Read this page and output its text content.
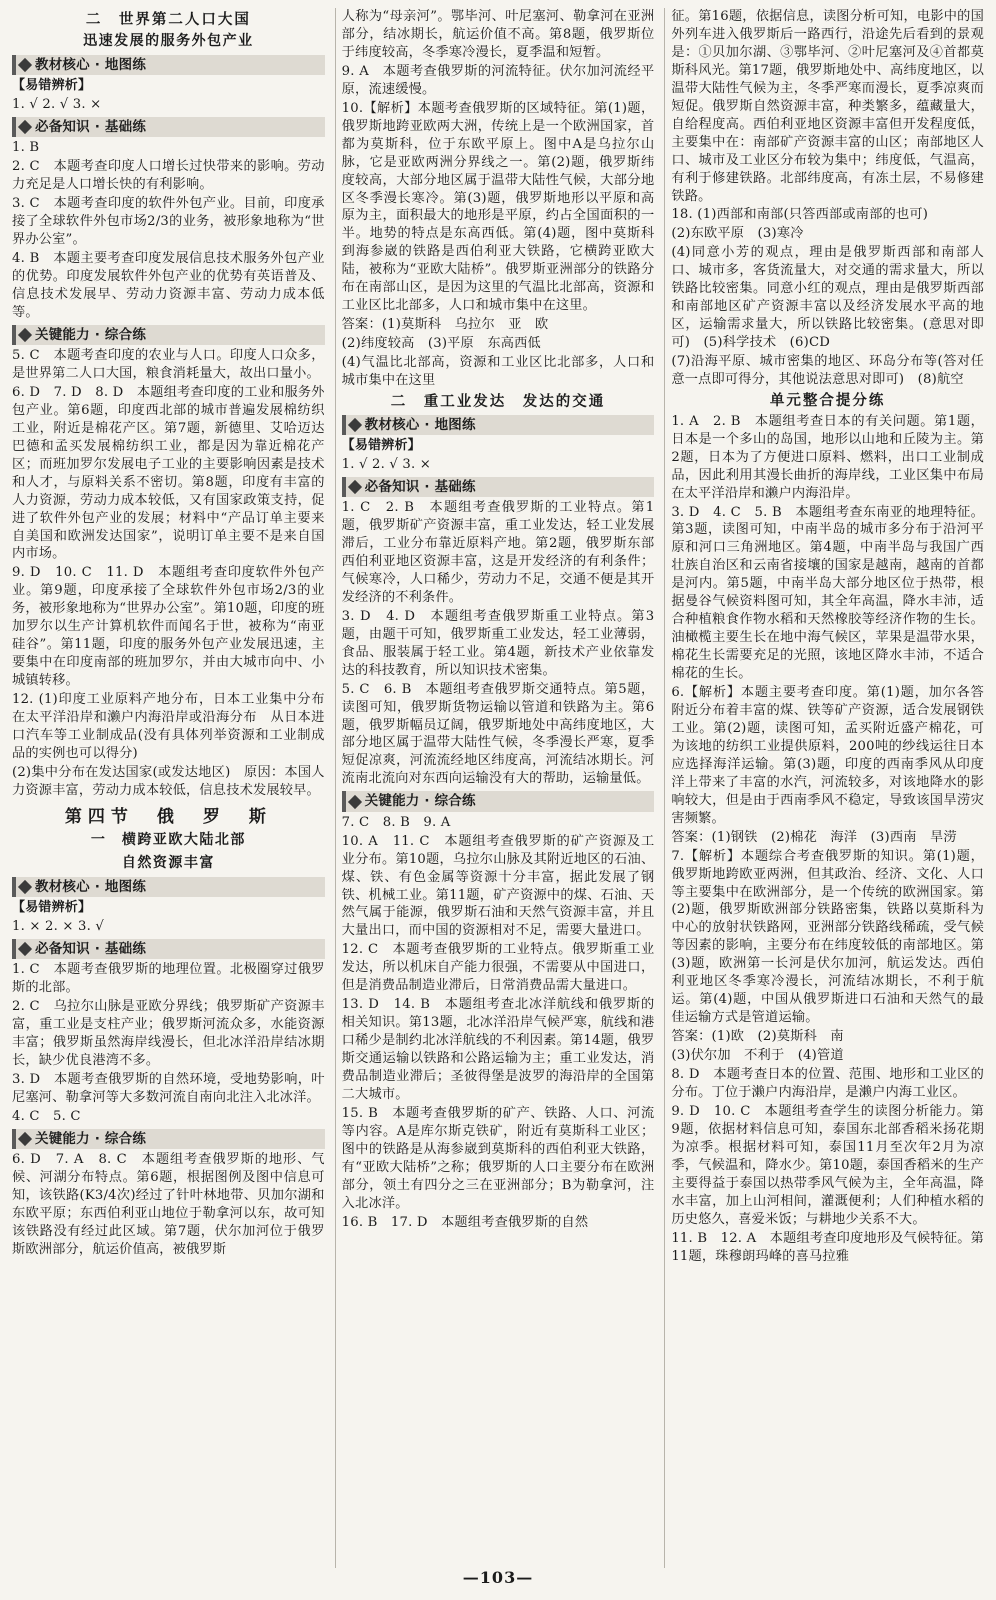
二　世界第二人口大国
迅速发展的服务外包产业
教材核心 · 地图练
【易错辨析】
1. √ 2. √ 3. ×
必备知识 · 基础练
1. B
2. C　本题考查印度人口增长过快带来的影响。劳动力充足是人口增长快的有利影响。
3. C　本题考查印度的软件外包产业。目前，印度承接了全球软件外包市场2/3的业务，被形象地称为“世界办公室”。
4. B　本题主要考查印度发展信息技术服务外包产业的优势。印度发展软件外包产业的优势有英语普及、信息技术发展早、劳动力资源丰富、劳动力成本低等。
关键能力 · 综合练
5. C　本题考查印度的农业与人口。印度人口众多，是世界第二人口大国，粮食消耗量大，故出口量小。
6. D　7. D　8. D　本题组考查印度的工业和服务外包产业。第6题，印度西北部的城市普遍发展棉纺织工业，附近是棉花产区。第7题，新德里、艾哈迈达巴德和孟买发展棉纺织工业，都是因为靠近棉花产区；而班加罗尔发展电子工业的主要影响因素是技术和人才，与原料关系不密切。第8题，印度有丰富的人力资源，劳动力成本较低，又有国家政策支持，促进了软件外包产业的发展；材料中“产品订单主要来自美国和欧洲发达国家”，说明订单主要不是来自国内市场。
9. D　10. C　11. D　本题组考查印度软件外包产业。第9题，印度承接了全球软件外包市场2/3的业务，被形象地称为“世界办公室”。第10题，印度的班加罗尔以生产计算机软件而闻名于世，被称为“南亚硅谷”。第11题，印度的服务外包产业发展迅速，主要集中在印度南部的班加罗尔，并由大城市向中、小城镇转移。
12. (1)印度工业原料产地分布，日本工业集中分布在太平洋沿岸和濑户内海沿岸或沿海分布　从日本进口汽车等工业制成品(没有具体列举资源和工业制成品的实例也可以得分)
(2)集中分布在发达国家(或发达地区)　原因：本国人力资源丰富，劳动力成本较低，信息技术发展较早。
第四节　俄　罗　斯
一　横跨亚欧大陆北部
自然资源丰富
教材核心 · 地图练
【易错辨析】
1. × 2. × 3. √
必备知识 · 基础练
1. C　本题考查俄罗斯的地理位置。北极圈穿过俄罗斯的北部。
2. C　乌拉尔山脉是亚欧分界线；俄罗斯矿产资源丰富，重工业是支柱产业；俄罗斯河流众多，水能资源丰富；俄罗斯虽然海岸线漫长，但北冰洋沿岸结冰期长，缺少优良港湾不多。
3. D　本题考查俄罗斯的自然环境，受地势影响，叶尼塞河、勒拿河等大多数河流自南向北注入北冰洋。
4. C　5. C
关键能力 · 综合练
6. D　7. A　8. C　本题组考查俄罗斯的地形、气候、河湖分布特点。第6题，根据图例及图中信息可知，该铁路(K3/4次)经过了针叶林地带、贝加尔湖和东欧平原；东西伯利亚山地位于勒拿河以东，故可知该铁路没有经过此区域。第7题，伏尔加河位于俄罗斯欧洲部分，航运价值高，被俄罗斯
人称为“母亲河”。鄂毕河、叶尼塞河、勒拿河在亚洲部分，结冰期长，航运价值不高。第8题，俄罗斯位于纬度较高，冬季寒冷漫长，夏季温和短暂。
9. A　本题考查俄罗斯的河流特征。伏尔加河流经平原，流速缓慢。
10.【解析】本题考查俄罗斯的区域特征。第(1)题，俄罗斯地跨亚欧两大洲，传统上是一个欧洲国家，首都为莫斯科，位于东欧平原上。图中A是乌拉尔山脉，它是亚欧两洲分界线之一。第(2)题，俄罗斯纬度较高，大部分地区属于温带大陆性气候，大部分地区冬季漫长寒冷。第(3)题，俄罗斯地形以平原和高原为主，面积最大的地形是平原，约占全国面积的一半。地势的特点是东高西低。第(4)题，图中莫斯科到海参崴的铁路是西伯利亚大铁路，它横跨亚欧大陆，被称为“亚欧大陆桥”。俄罗斯亚洲部分的铁路分布在南部山区，是因为这里的气温比北部高，资源和工业区比北部多，人口和城市集中在这里。
答案：(1)莫斯科　乌拉尔　亚　欧
(2)纬度较高　(3)平原　东高西低
(4)气温比北部高，资源和工业区比北部多，人口和城市集中在这里
二　重工业发达　发达的交通
教材核心 · 地图练
【易错辨析】
1. √ 2. √ 3. ×
必备知识 · 基础练
1. C　2. B　本题组考查俄罗斯的工业特点。第1题，俄罗斯矿产资源丰富，重工业发达，轻工业发展滞后，工业分布靠近原料产地。第2题，俄罗斯东部西伯利亚地区资源丰富，这是开发经济的有利条件；气候寒冷，人口稀少，劳动力不足，交通不便是其开发经济的不利条件。
3. D　4. D　本题组考查俄罗斯重工业特点。第3题，由题干可知，俄罗斯重工业发达，轻工业薄弱，食品、服装属于轻工业。第4题，新技术产业依靠发达的科技教育，所以知识技术密集。
5. C　6. B　本题组考查俄罗斯交通特点。第5题，读图可知，俄罗斯货物运输以管道和铁路为主。第6题，俄罗斯幅员辽阔，俄罗斯地处中高纬度地区，大部分地区属于温带大陆性气候，冬季漫长严寒，夏季短促凉爽，河流流经地区纬度高，河流结冰期长。河流南北流向对东西向运输没有大的帮助，运输量低。
关键能力 · 综合练
7. C　8. B　9. A
10. A　11. C　本题组考查俄罗斯的矿产资源及工业分布。第10题，乌拉尔山脉及其附近地区的石油、煤、铁、有色金属等资源十分丰富，据此发展了钢铁、机械工业。第11题，矿产资源中的煤、石油、天然气属于能源，俄罗斯石油和天然气资源丰富，并且大量出口，而中国的资源相对不足，需要大量进口。
12. C　本题考查俄罗斯的工业特点。俄罗斯重工业发达，所以机床自产能力很强，不需要从中国进口，但是消费品制造业滞后，日常消费品需大量进口。
13. D　14. B　本题组考查北冰洋航线和俄罗斯的相关知识。第13题，北冰洋沿岸气候严寒，航线和港口稀少是制约北冰洋航线的不利因素。第14题，俄罗斯交通运输以铁路和公路运输为主；重工业发达，消费品制造业滞后；圣彼得堡是波罗的海沿岸的全国第二大城市。
15. B　本题考查俄罗斯的矿产、铁路、人口、河流等内容。A是库尔斯克铁矿，附近有莫斯科工业区；图中的铁路是从海参崴到莫斯科的西伯利亚大铁路，有“亚欧大陆桥”之称；俄罗斯的人口主要分布在欧洲部分，领土有四分之三在亚洲部分；B为勒拿河，注入北冰洋。
16. B　17. D　本题组考查俄罗斯的自然
征。第16题，依据信息，读图分析可知，电影中的国外列车进入俄罗斯后一路西行，沿途先后看到的景观是：①贝加尔湖、③鄂毕河、②叶尼塞河及④首都莫斯科风光。第17题，俄罗斯地处中、高纬度地区，以温带大陆性气候为主，冬季严寒而漫长，夏季凉爽而短促。俄罗斯自然资源丰富，种类繁多，蕴藏量大，自给程度高。西伯利亚地区资源丰富但开发程度低，主要集中在：南部矿产资源丰富的山区；南部地区人口、城市及工业区分布较为集中；纬度低，气温高，有利于修建铁路。北部纬度高，有冻土层，不易修建铁路。
18. (1)西部和南部(只答西部或南部的也可)
(2)东欧平原　(3)寒冷
(4)同意小芳的观点，理由是俄罗斯西部和南部人口、城市多，客货流量大，对交通的需求量大，所以铁路比较密集。同意小红的观点，理由是俄罗斯西部和南部地区矿产资源丰富以及经济发展水平高的地区，运输需求量大，所以铁路比较密集。(意思对即可)　(5)科学技术　(6)CD
(7)沿海平原、城市密集的地区、环岛分布等(答对任意一点即可得分，其他说法意思对即可)　(8)航空
单元整合提分练
1. A　2. B　本题组考查日本的有关问题。第1题，日本是一个多山的岛国，地形以山地和丘陵为主。第2题，日本为了方便进口原料、燃料，出口工业制成品，因此利用其漫长曲折的海岸线，工业区集中布局在太平洋沿岸和濑户内海沿岸。
3. D　4. C　5. B　本题组考查东南亚的地理特征。第3题，读图可知，中南半岛的城市多分布于沿河平原和河口三角洲地区。第4题，中南半岛与我国广西壮族自治区和云南省接壤的国家是越南，越南的首都是河内。第5题，中南半岛大部分地区位于热带，根据曼谷气候资料图可知，其全年高温，降水丰沛，适合种植粮食作物水稻和天然橡胶等经济作物的生长。油橄榄主要生长在地中海气候区，苹果是温带水果，棉花生长需要充足的光照，该地区降水丰沛，不适合棉花的生长。
6.【解析】本题主要考查印度。第(1)题，加尔各答附近分布着丰富的煤、铁等矿产资源，适合发展钢铁工业。第(2)题，读图可知，孟买附近盛产棉花，可为该地的纺织工业提供原料，200吨的纱线运往日本应选择海洋运输。第(3)题，印度的西南季风从印度洋上带来了丰富的水汽，河流较多，对该地降水的影响较大，但是由于西南季风不稳定，导致该国旱涝灾害频繁。
答案：(1)钢铁　(2)棉花　海洋　(3)西南　旱涝
7.【解析】本题综合考查俄罗斯的知识。第(1)题，俄罗斯地跨欧亚两洲，但其政治、经济、文化、人口等主要集中在欧洲部分，是一个传统的欧洲国家。第(2)题，俄罗斯欧洲部分铁路密集，铁路以莫斯科为中心的放射状铁路网，亚洲部分铁路线稀疏，受气候等因素的影响，主要分布在纬度较低的南部地区。第(3)题，欧洲第一长河是伏尔加河，航运发达。西伯利亚地区冬季寒冷漫长，河流结冰期长，不利于航运。第(4)题，中国从俄罗斯进口石油和天然气的最佳运输方式是管道运输。
答案：(1)欧　(2)莫斯科　南
(3)伏尔加　不利于　(4)管道
8. D　本题考查日本的位置、范围、地形和工业区的分布。丁位于濑户内海沿岸，是濑户内海工业区。
9. D　10. C　本题组考查学生的读图分析能力。第9题，依据材料信息可知，泰国东北部香稻米扬花期为凉季。根据材料可知，泰国11月至次年2月为凉季，气候温和，降水少。第10题，泰国香稻米的生产主要得益于泰国以热带季风气候为主，全年高温，降水丰富，加上山河相间，灌溉便利；人们种植水稻的历史悠久，喜爱米饭；与耕地少关系不大。
11. B　12. A　本题组考查印度地形及气候特征。第11题，珠穆朗玛峰的喜马拉雅
—103—
